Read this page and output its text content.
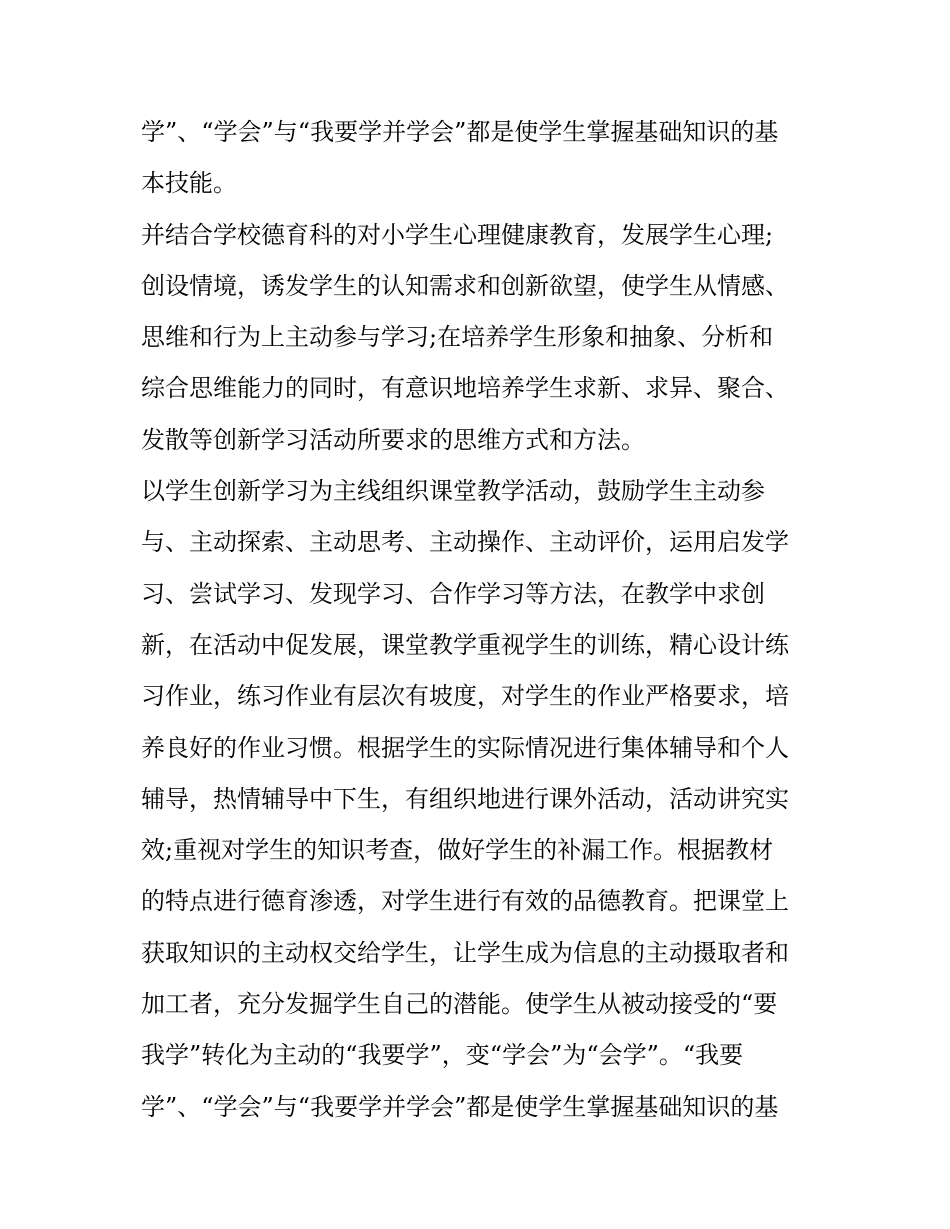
学”、“学会”与“我要学并学会”都是使学生掌握基础知识的基
本技能。
并结合学校德育科的对小学生心理健康教育，发展学生心理;
创设情境，诱发学生的认知需求和创新欲望，使学生从情感、
思维和行为上主动参与学习;在培养学生形象和抽象、分析和
综合思维能力的同时，有意识地培养学生求新、求异、聚合、
发散等创新学习活动所要求的思维方式和方法。
以学生创新学习为主线组织课堂教学活动，鼓励学生主动参
与、主动探索、主动思考、主动操作、主动评价，运用启发学
习、尝试学习、发现学习、合作学习等方法，在教学中求创
新，在活动中促发展，课堂教学重视学生的训练，精心设计练
习作业，练习作业有层次有坡度，对学生的作业严格要求，培
养良好的作业习惯。根据学生的实际情况进行集体辅导和个人
辅导，热情辅导中下生，有组织地进行课外活动，活动讲究实
效;重视对学生的知识考查，做好学生的补漏工作。根据教材
的特点进行德育渗透，对学生进行有效的品德教育。把课堂上
获取知识的主动权交给学生，让学生成为信息的主动摄取者和
加工者，充分发掘学生自己的潜能。使学生从被动接受的“要
我学”转化为主动的“我要学”，变“学会”为“会学”。“我要
学”、“学会”与“我要学并学会”都是使学生掌握基础知识的基
